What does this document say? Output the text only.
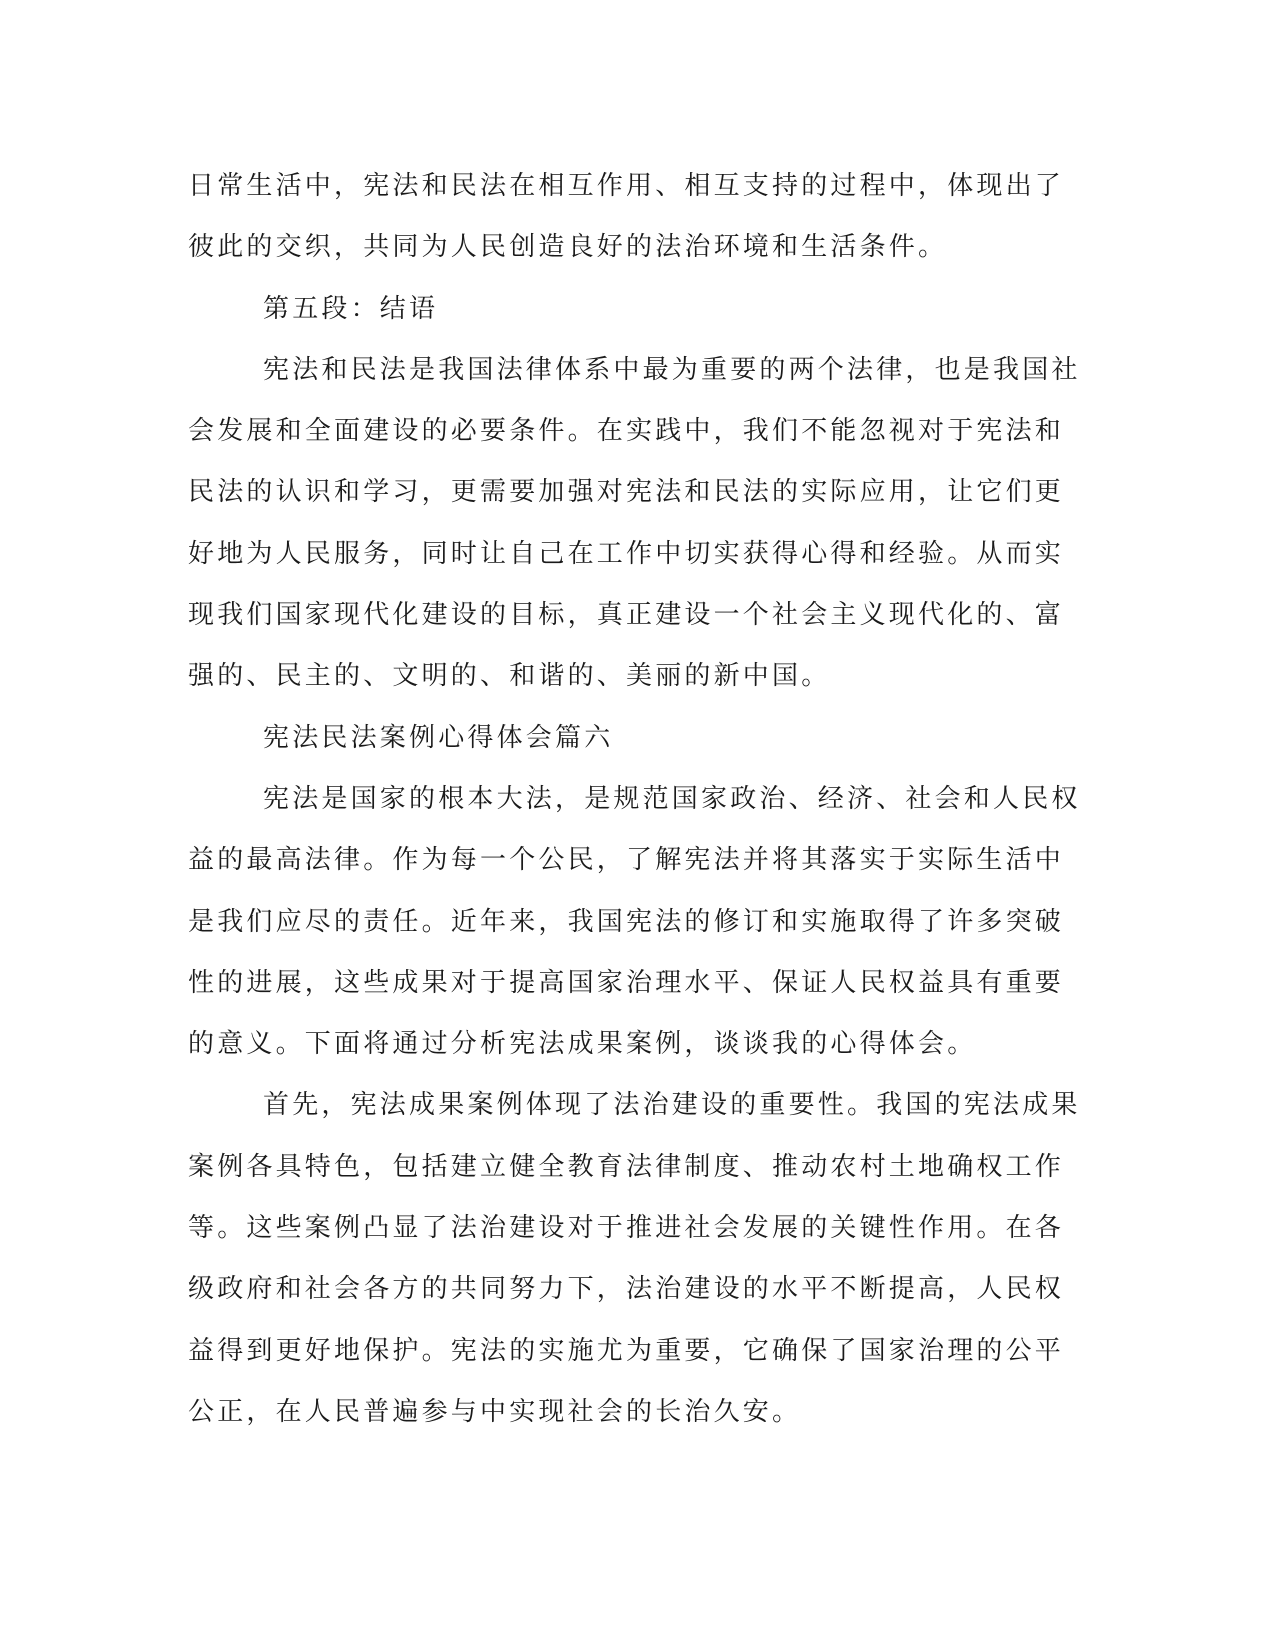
日常生活中，宪法和民法在相互作用、相互支持的过程中，体现出了
彼此的交织，共同为人民创造良好的法治环境和生活条件。
第五段：结语
宪法和民法是我国法律体系中最为重要的两个法律，也是我国社
会发展和全面建设的必要条件。在实践中，我们不能忽视对于宪法和
民法的认识和学习，更需要加强对宪法和民法的实际应用，让它们更
好地为人民服务，同时让自己在工作中切实获得心得和经验。从而实
现我们国家现代化建设的目标，真正建设一个社会主义现代化的、富
强的、民主的、文明的、和谐的、美丽的新中国。
宪法民法案例心得体会篇六
宪法是国家的根本大法，是规范国家政治、经济、社会和人民权
益的最高法律。作为每一个公民，了解宪法并将其落实于实际生活中
是我们应尽的责任。近年来，我国宪法的修订和实施取得了许多突破
性的进展，这些成果对于提高国家治理水平、保证人民权益具有重要
的意义。下面将通过分析宪法成果案例，谈谈我的心得体会。
首先，宪法成果案例体现了法治建设的重要性。我国的宪法成果
案例各具特色，包括建立健全教育法律制度、推动农村土地确权工作
等。这些案例凸显了法治建设对于推进社会发展的关键性作用。在各
级政府和社会各方的共同努力下，法治建设的水平不断提高，人民权
益得到更好地保护。宪法的实施尤为重要，它确保了国家治理的公平
公正，在人民普遍参与中实现社会的长治久安。
